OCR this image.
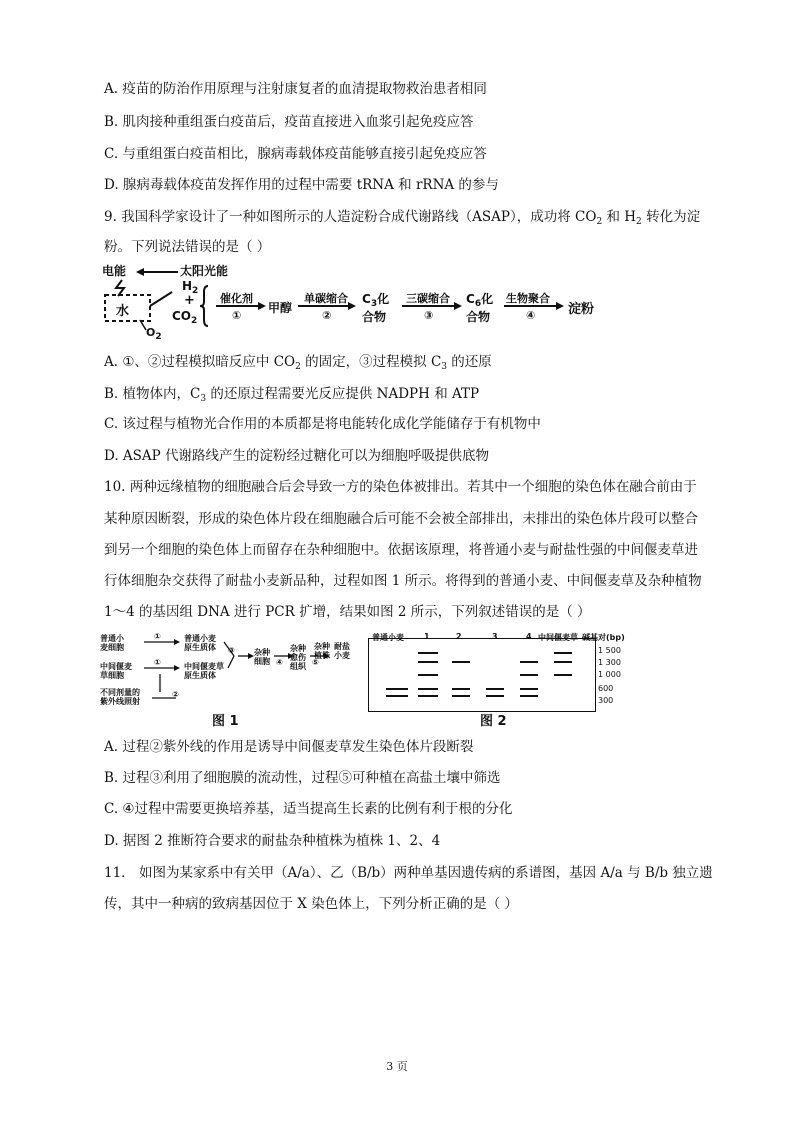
A. 疫苗的防治作用原理与注射康复者的血清提取物救治患者相同
B. 肌肉接种重组蛋白疫苗后，疫苗直接进入血浆引起免疫应答
C. 与重组蛋白疫苗相比，腺病毒载体疫苗能够直接引起免疫应答
D. 腺病毒载体疫苗发挥作用的过程中需要 tRNA 和 rRNA 的参与
9. 我国科学家设计了一种如图所示的人造淀粉合成代谢路线（ASAP），成功将 $CO_2$ 和 $H_2$ 转化为淀
粉。下列说法错误的是（ ）
电能	太阳光能
$H_2$
+
$CO_2$
水
$O_2$
催化剂
①
甲醇
单碳缩合
②
$C_3$化
合物
三碳缩合
③
$C_6$化
合物
生物聚合
④	淀粉
A. ①、②过程模拟暗反应中 $CO_2$ 的固定，③过程模拟 $C_3$ 的还原
B. 植物体内，$C_3$ 的还原过程需要光反应提供 NADPH 和 ATP
C. 该过程与植物光合作用的本质都是将电能转化成化学能储存于有机物中
D. ASAP 代谢路线产生的淀粉经过糖化可以为细胞呼吸提供底物
10. 两种远缘植物的细胞融合后会导致一方的染色体被排出。若其中一个细胞的染色体在融合前由于
某种原因断裂，形成的染色体片段在细胞融合后可能不会被全部排出，未排出的染色体片段可以整合
到另一个细胞的染色体上而留存在杂种细胞中。依据该原理，将普通小麦与耐盐性强的中间偃麦草进
行体细胞杂交获得了耐盐小麦新品种，过程如图 1 所示。将得到的普通小麦、中间偃麦草及杂种植物
1～4 的基因组 DNA 进行 PCR 扩增，结果如图 2 所示，下列叙述错误的是（ ）
普通小
麦细胞
①	普通小麦
原生质体
中间偃麦
草细胞
①	中间偃麦草
原生质体
不同剂量的
紫外线照射
②
③ 杂种
细胞 ④
杂种
愈伤
组织 ⑤
杂种
植株
耐盐
小麦
图 1
普通小麦	1	2	3	4 中间偃麦草 碱基对(bp)
1 500
1 300
1 000
600
300
图 2
A. 过程②紫外线的作用是诱导中间偃麦草发生染色体片段断裂
B. 过程③利用了细胞膜的流动性，过程⑤可种植在高盐土壤中筛选
C. ④过程中需要更换培养基，适当提高生长素的比例有利于根的分化
D. 据图 2 推断符合要求的耐盐杂种植株为植株 1、2、4
11． 如图为某家系中有关甲（A/a）、乙（B/b）两种单基因遗传病的系谱图，基因 A/a 与 B/b 独立遗
传，其中一种病的致病基因位于 X 染色体上，下列分析正确的是（ ）
3 页
